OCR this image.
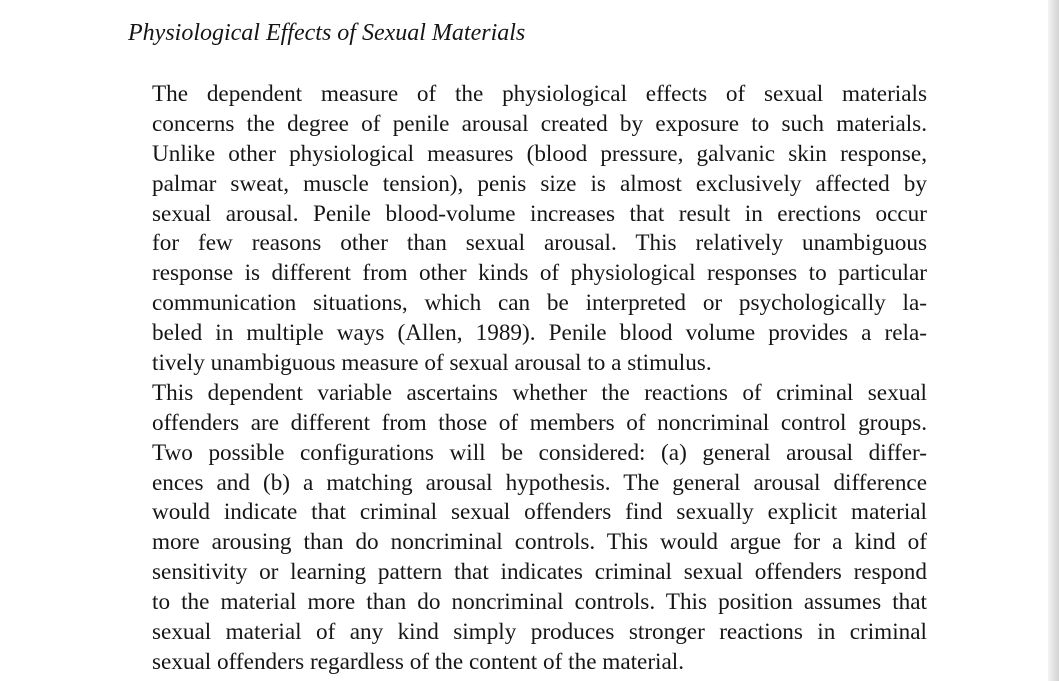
Physiological Effects of Sexual Materials

The dependent measure of the physiological effects of sexual materials
concerns the degree of penile arousal created by exposure to such materials.
Unlike other physiological measures (blood pressure, galvanic skin response,
palmar sweat, muscle tension), penis size is almost exclusively affected by
sexual arousal. Penile blood-volume increases that result in erections occur
for few reasons other than sexual arousal. This relatively unambiguous
response is different from other kinds of physiological responses to particular
communication situations, which can be interpreted or psychologically la-
beled in multiple ways (Allen, 1989). Penile blood volume provides a rela-
tively unambiguous measure of sexual arousal to a stimulus.

This dependent variable ascertains whether the reactions of criminal sexual
offenders are different from those of members of noncriminal control groups.
Two possible configurations will be considered: (a) general arousal differ-
ences and (b) a matching arousal hypothesis. The general arousal difference
would indicate that criminal sexual offenders find sexually explicit material
more arousing than do noncriminal controls. This would argue for a kind of
sensitivity or learning pattern that indicates criminal sexual offenders respond
to the material more than do noncriminal controls. This position assumes that
sexual material of any kind simply produces stronger reactions in criminal
sexual offenders regardless of the content of the material.
